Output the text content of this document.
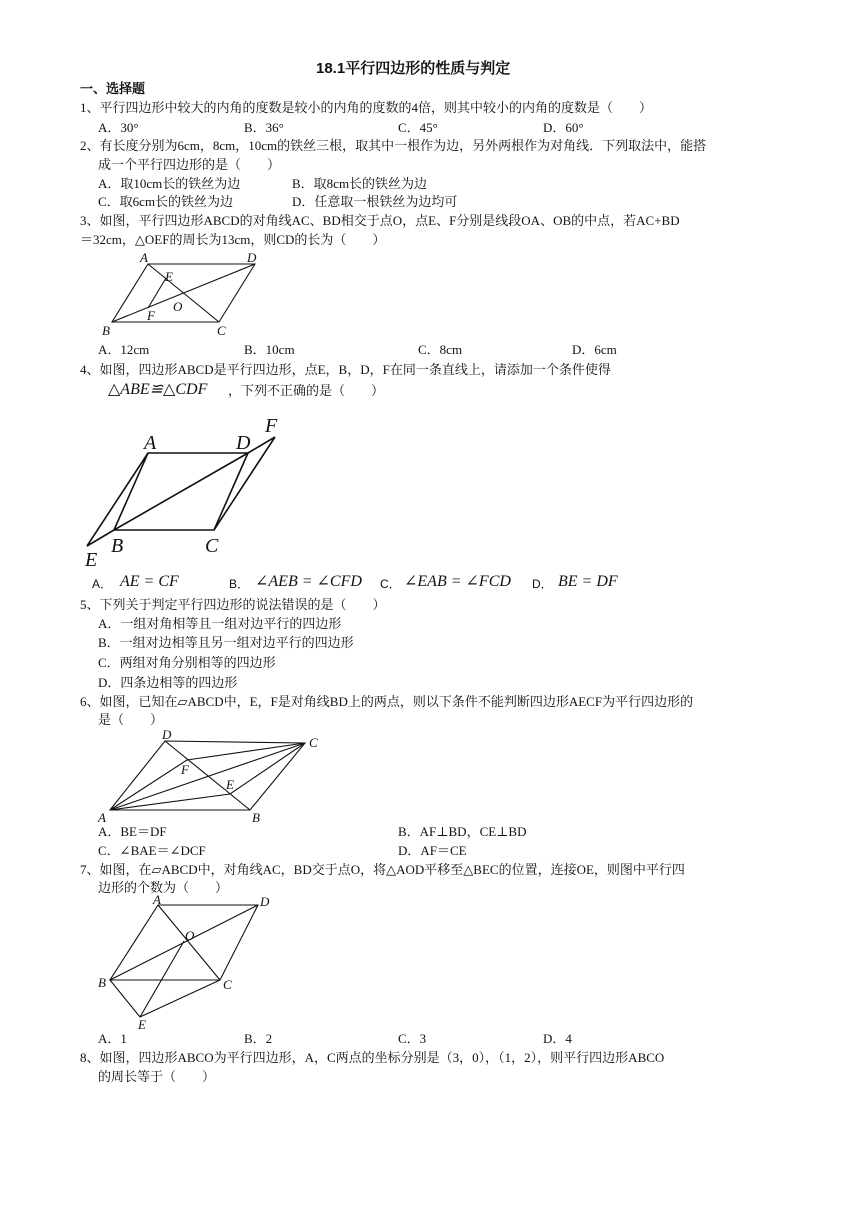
18.1平行四边形的性质与判定
一、选择题
1、平行四边形中较大的内角的度数是较小的内角的度数的4倍，则其中较小的内角的度数是（　　）
A．30°	B．36°	C．45°	D．60°
2、有长度分别为6cm，8cm，10cm的铁丝三根，取其中一根作为边，另外两根作为对角线．下列取法中，能搭
成一个平行四边形的是（　　）
A．取10cm长的铁丝为边	B．取8cm长的铁丝为边
C．取6cm长的铁丝为边	D．任意取一根铁丝为边均可
3、如图，平行四边形ABCD的对角线AC、BD相交于点O，点E、F分别是线段OA、OB的中点，若AC+BD
＝32cm，△OEF的周长为13cm，则CD的长为（　　）
A	D
E
O
F
B	C
A．12cm	B．10cm	C．8cm	D．6cm
4、如图，四边形ABCD是平行四边形，点E，B，D，F在同一条直线上，请添加一个条件使得
△ABE≌△CDF ，下列不正确的是（　　）
A	D
F
B	C
E
A． AE = CF	B． ∠AEB = ∠CFD C． ∠EAB = ∠FCD D． BE = DF
5、下列关于判定平行四边形的说法错误的是（　　）
A．一组对角相等且一组对边平行的四边形
B．一组对边相等且另一组对边平行的四边形
C．两组对角分别相等的四边形
D．四条边相等的四边形
6、如图，已知在▱ABCD中，E，F是对角线BD上的两点，则以下条件不能判断四边形AECF为平行四边形的
是（　　）
D
C
F
E
A	B
A．BE＝DF	B．AF⊥BD，CE⊥BD
C．∠BAE＝∠DCF	D．AF＝CE
7、如图，在▱ABCD中，对角线AC，BD交于点O，将△AOD平移至△BEC的位置，连接OE，则图中平行四
边形的个数为（　　）
A	D
O
B	C
E
A．1	B．2	C．3	D．4
8、如图，四边形ABCO为平行四边形，A，C两点的坐标分别是（3，0），（1，2），则平行四边形ABCO
的周长等于（　　）
